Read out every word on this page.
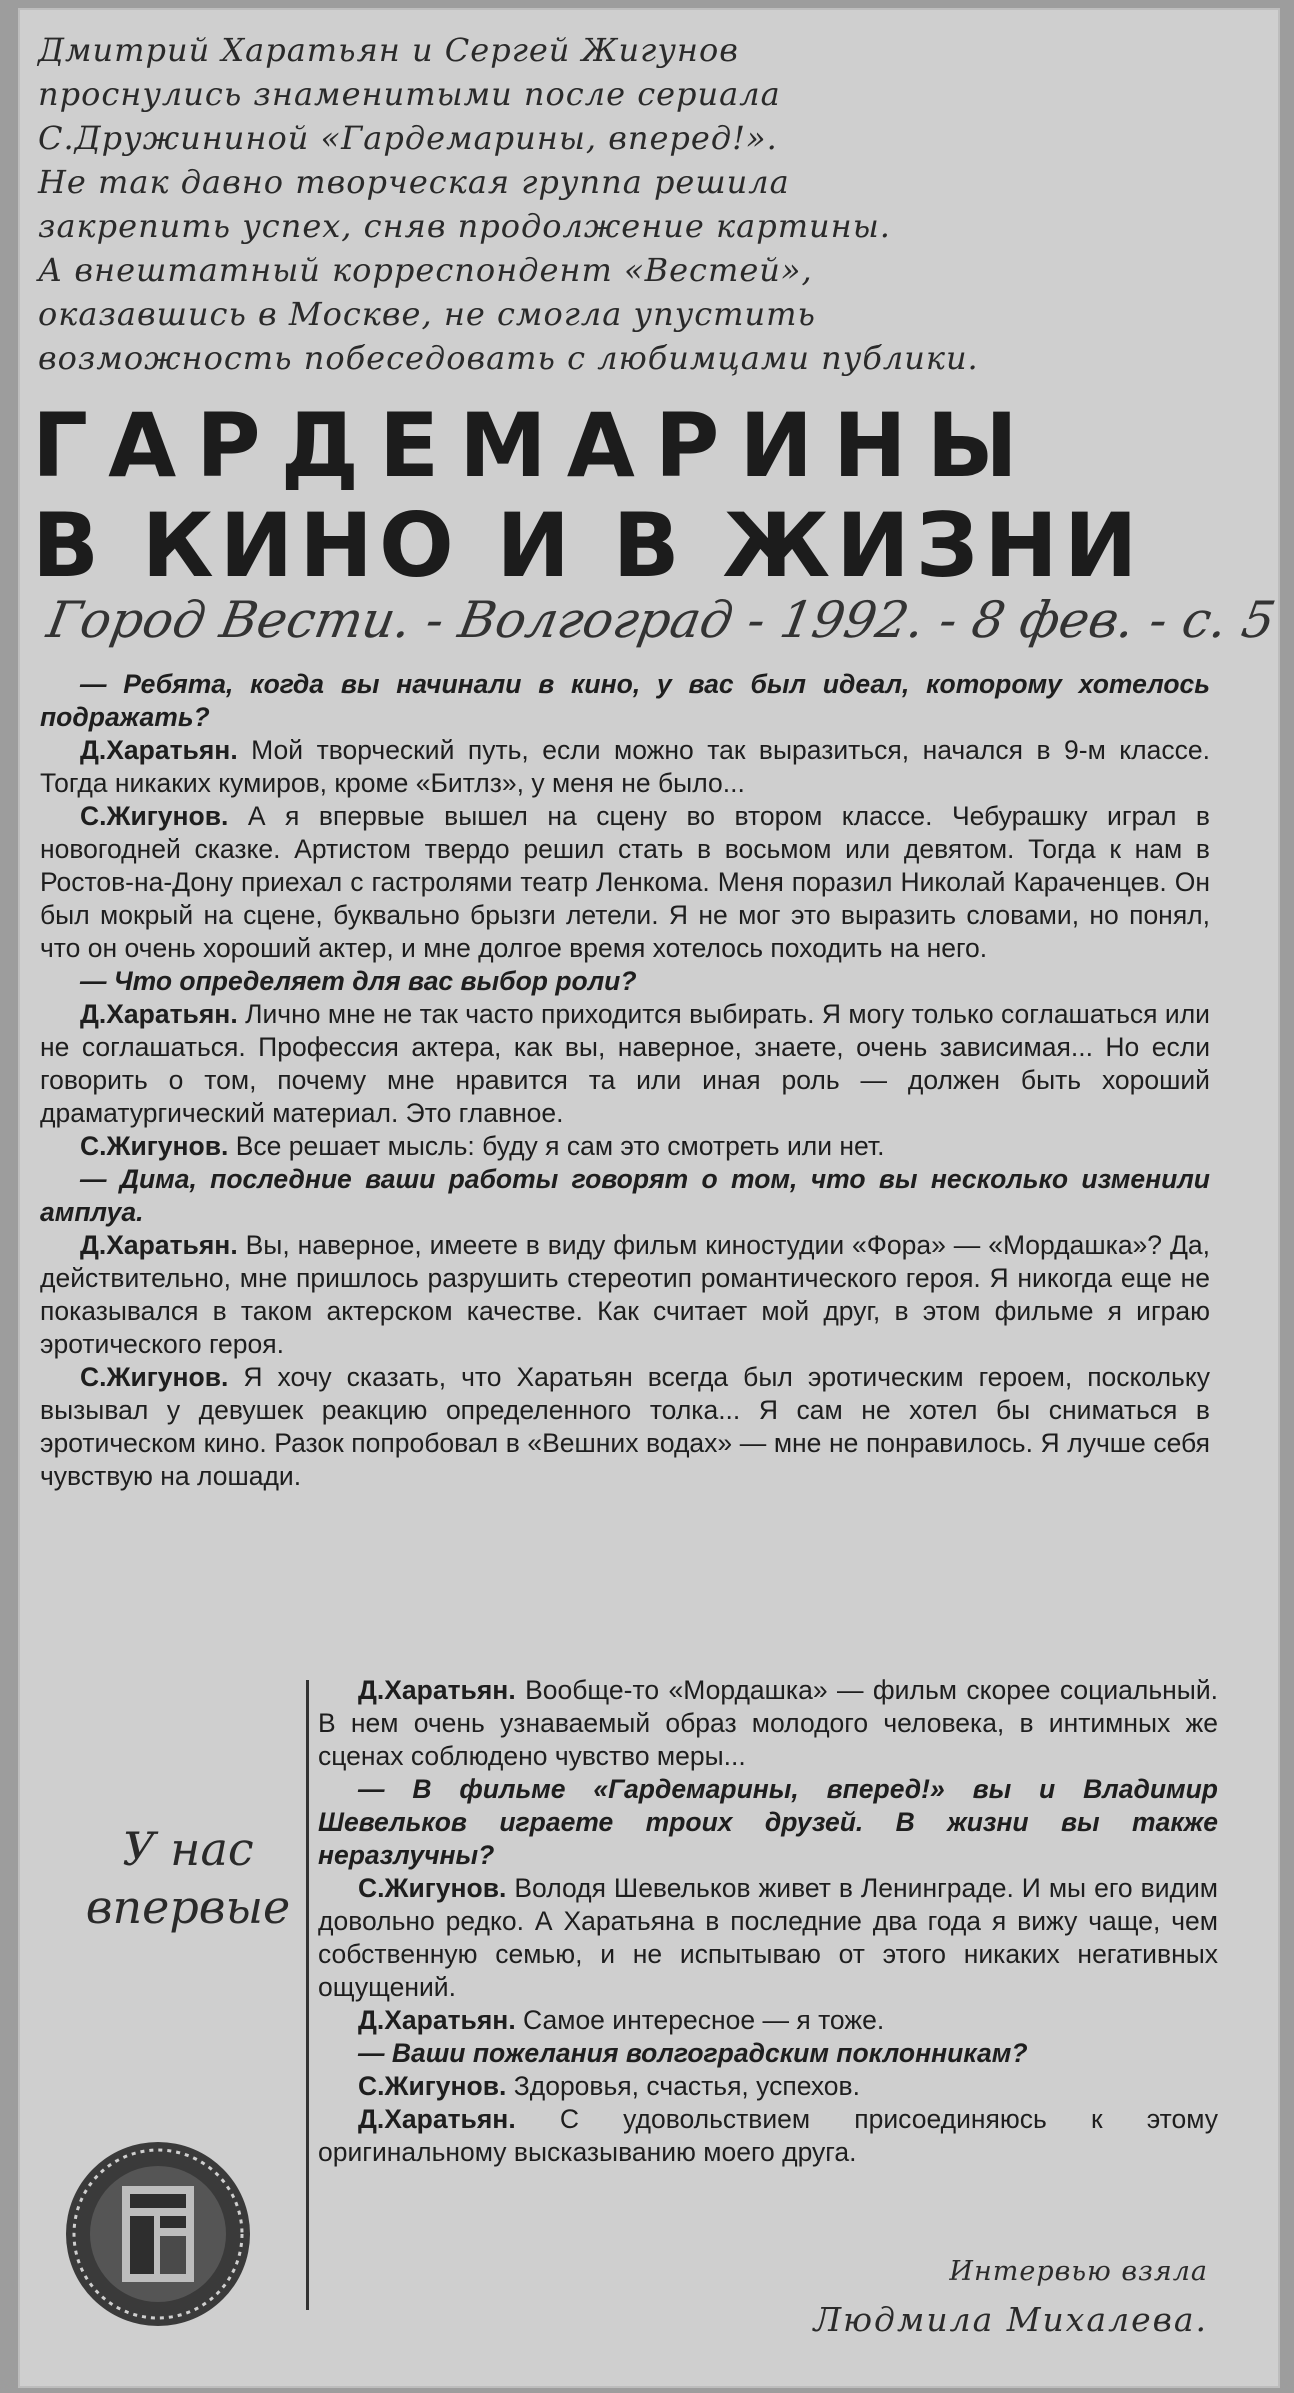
Дмитрий Харатьян и Сергей Жигунов
проснулись знаменитыми после сериала
С.Дружининой «Гардемарины, вперед!».
Не так давно творческая группа решила
закрепить успех, сняв продолжение картины.
А внештатный корреспондент «Вестей»,
оказавшись в Москве, не смогла упустить
возможность побеседовать с любимцами публики.
ГАРДЕМАРИНЫ
В КИНО И В ЖИЗНИ
Город Вести. - Волгоград - 1992. - 8 фев. - с. 5

— Ребята, когда вы начинали в кино, у вас был идеал, которому хотелось подражать?

Д.Харатьян. Мой творческий путь, если можно так выразиться, начался в 9-м классе. Тогда никаких кумиров, кроме «Битлз», у меня не было...

С.Жигунов. А я впервые вышел на сцену во втором классе. Чебурашку играл в новогодней сказке. Артистом твердо решил стать в восьмом или девятом. Тогда к нам в Ростов-на-Дону приехал с гастролями театр Ленкома. Меня поразил Николай Караченцев. Он был мокрый на сцене, буквально брызги летели. Я не мог это выразить словами, но понял, что он очень хороший актер, и мне долгое время хотелось походить на него.

— Что определяет для вас выбор роли?

Д.Харатьян. Лично мне не так часто приходится выбирать. Я могу только соглашаться или не соглашаться. Профессия актера, как вы, наверное, знаете, очень зависимая... Но если говорить о том, почему мне нравится та или иная роль — должен быть хороший драматургический материал. Это главное.

С.Жигунов. Все решает мысль: буду я сам это смотреть или нет.

— Дима, последние ваши работы говорят о том, что вы несколько изменили амплуа.

Д.Харатьян. Вы, наверное, имеете в виду фильм киностудии «Фора» — «Мордашка»? Да, действительно, мне пришлось разрушить стереотип романтического героя. Я никогда еще не показывался в таком актерском качестве. Как считает мой друг, в этом фильме я играю эротического героя.

С.Жигунов. Я хочу сказать, что Харатьян всегда был эротическим героем, поскольку вызывал у девушек реакцию определенного толка... Я сам не хотел бы сниматься в эротическом кино. Разок попробовал в «Вешних водах» — мне не понравилось. Я лучше себя чувствую на лошади.

У нас
впервые

Д.Харатьян. Вообще-то «Мордашка» — фильм скорее социальный. В нем очень узнаваемый образ молодого человека, в интимных же сценах соблюдено чувство меры...

— В фильме «Гардемарины, вперед!» вы и Владимир Шевельков играете троих друзей. В жизни вы также неразлучны?

С.Жигунов. Володя Шевельков живет в Ленинграде. И мы его видим довольно редко. А Харатьяна в последние два года я вижу чаще, чем собственную семью, и не испытываю от этого никаких негативных ощущений.

Д.Харатьян. Самое интересное — я тоже.

— Ваши пожелания волгоградским поклонникам?

С.Жигунов. Здоровья, счастья, успехов.

Д.Харатьян. С удовольствием присоединяюсь к этому оригинальному высказыванию моего друга.

Интервью взяла
Людмила Михалева.
